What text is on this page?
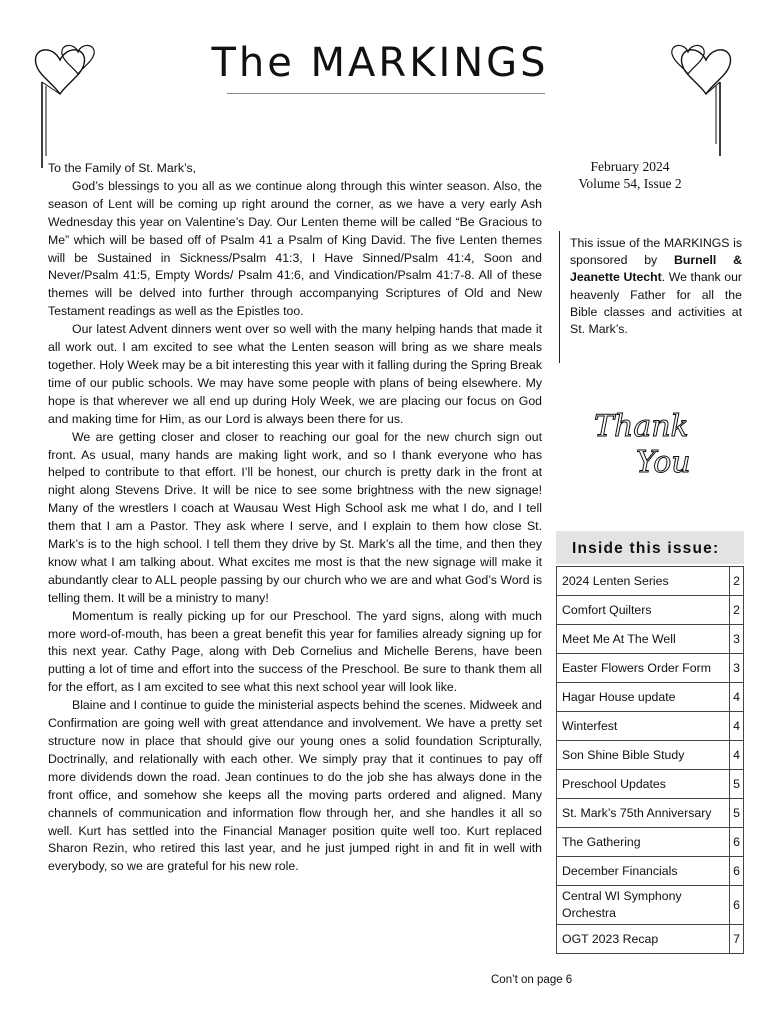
The MARKINGS

To the Family of St. Mark’s,

God’s blessings to you all as we continue along through this winter season. Also, the season of Lent will be coming up right around the corner, as we have a very early Ash Wednesday this year on Valentine’s Day. Our Lenten theme will be called “Be Gracious to Me” which will be based off of Psalm 41 a Psalm of King David. The five Lenten themes will be Sustained in Sickness/Psalm 41:3, I Have Sinned/Psalm 41:4, Soon and Never/Psalm 41:5, Empty Words/ Psalm 41:6, and Vindication/Psalm 41:7-8. All of these themes will be delved into further through accompanying Scriptures of Old and New Testament readings as well as the Epistles too.

Our latest Advent dinners went over so well with the many helping hands that made it all work out. I am excited to see what the Lenten season will bring as we share meals together. Holy Week may be a bit interesting this year with it falling during the Spring Break time of our public schools. We may have some people with plans of being elsewhere. My hope is that wherever we all end up during Holy Week, we are placing our focus on God and making time for Him, as our Lord is always been there for us.

We are getting closer and closer to reaching our goal for the new church sign out front. As usual, many hands are making light work, and so I thank everyone who has helped to contribute to that effort. I’ll be honest, our church is pretty dark in the front at night along Stevens Drive. It will be nice to see some brightness with the new signage! Many of the wrestlers I coach at Wausau West High School ask me what I do, and I tell them that I am a Pastor. They ask where I serve, and I explain to them how close St. Mark’s is to the high school. I tell them they drive by St. Mark’s all the time, and then they know what I am talking about. What excites me most is that the new signage will make it abundantly clear to ALL people passing by our church who we are and what God’s Word is telling them. It will be a ministry to many!

Momentum is really picking up for our Preschool. The yard signs, along with much more word-of-mouth, has been a great benefit this year for families already signing up for this next year. Cathy Page, along with Deb Cornelius and Michelle Berens, have been putting a lot of time and effort into the success of the Preschool. Be sure to thank them all for the effort, as I am excited to see what this next school year will look like.

Blaine and I continue to guide the ministerial aspects behind the scenes. Midweek and Confirmation are going well with great attendance and involvement. We have a pretty set structure now in place that should give our young ones a solid foundation Scripturally, Doctrinally, and relationally with each other. We simply pray that it continues to pay off more dividends down the road. Jean continues to do the job she has always done in the front office, and somehow she keeps all the moving parts ordered and aligned. Many channels of communication and information flow through her, and she handles it all so well. Kurt has settled into the Financial Manager position quite well too. Kurt replaced Sharon Rezin, who retired this last year, and he just jumped right in and fit in well with everybody, so we are grateful for his new role.

February 2024
Volume 54, Issue 2
This issue of the MARKINGS is sponsored by Burnell & Jeanette Utecht. We thank our heavenly Father for all the Bible classes and activities at St. Mark’s.
Thank
You
Inside this issue:
2024 Lenten Series	2
Comfort Quilters	2
Meet Me At The Well	3
Easter Flowers Order Form	3
Hagar House update	4
Winterfest	4
Son Shine Bible Study	4
Preschool Updates	5
St. Mark’s 75th Anniversary	5
The Gathering	6
December Financials	6
Central WI Symphony Orchestra	6
OGT 2023 Recap	7
Con’t on page 6
